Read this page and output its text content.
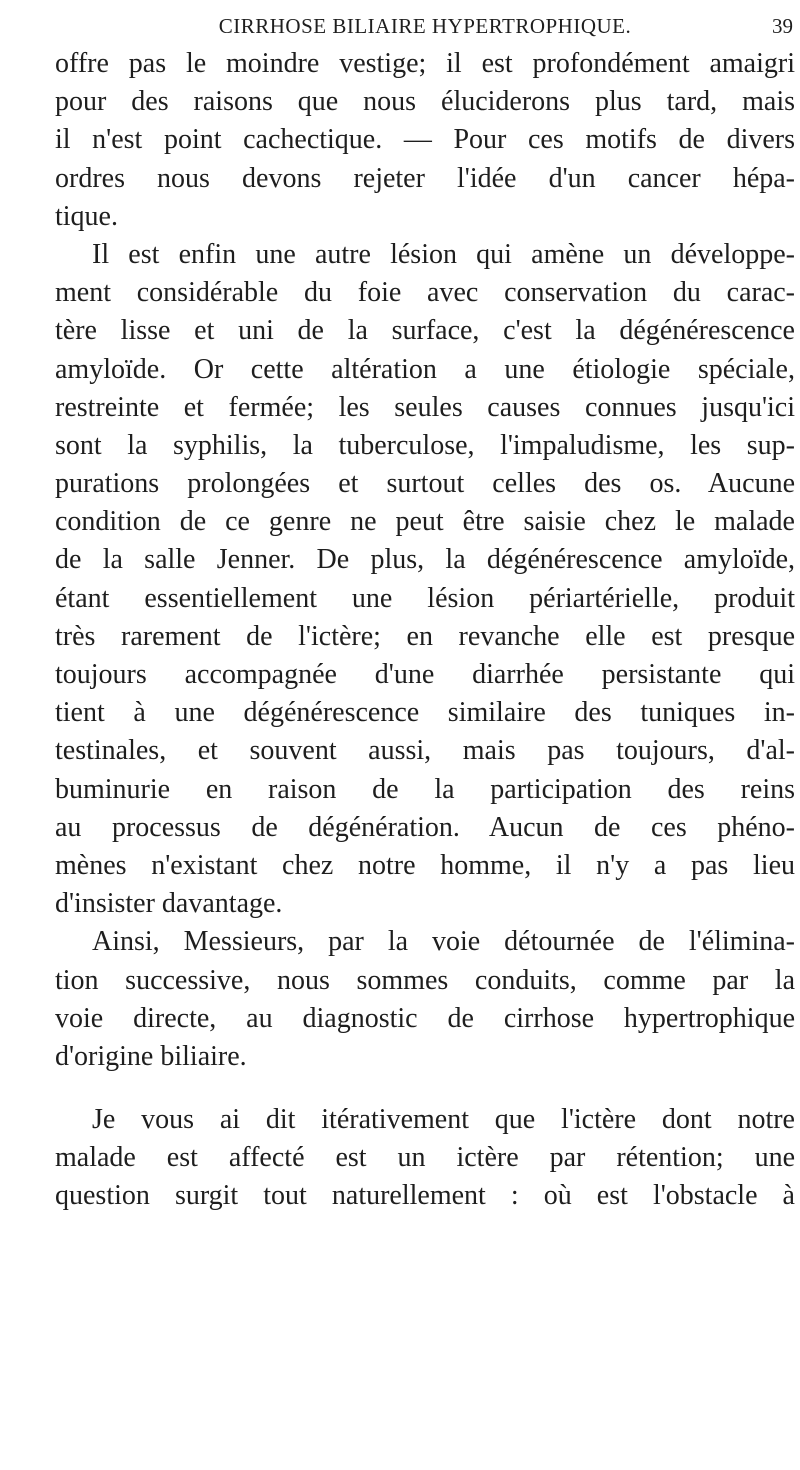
CIRRHOSE BILIAIRE HYPERTROPHIQUE.	39
offre pas le moindre vestige; il est profondément amaigri
pour des raisons que nous éluciderons plus tard, mais
il n'est point cachectique. — Pour ces motifs de divers
ordres nous devons rejeter l'idée d'un cancer hépa-
tique.
Il est enfin une autre lésion qui amène un développe-
ment considérable du foie avec conservation du carac-
tère lisse et uni de la surface, c'est la dégénérescence
amyloïde. Or cette altération a une étiologie spéciale,
restreinte et fermée; les seules causes connues jusqu'ici
sont la syphilis, la tuberculose, l'impaludisme, les sup-
purations prolongées et surtout celles des os. Aucune
condition de ce genre ne peut être saisie chez le malade
de la salle Jenner. De plus, la dégénérescence amyloïde,
étant essentiellement une lésion périartérielle, produit
très rarement de l'ictère; en revanche elle est presque
toujours accompagnée d'une diarrhée persistante qui
tient à une dégénérescence similaire des tuniques in-
testinales, et souvent aussi, mais pas toujours, d'al-
buminurie en raison de la participation des reins
au processus de dégénération. Aucun de ces phéno-
mènes n'existant chez notre homme, il n'y a pas lieu
d'insister davantage.
Ainsi, Messieurs, par la voie détournée de l'élimina-
tion successive, nous sommes conduits, comme par la
voie directe, au diagnostic de cirrhose hypertrophique
d'origine biliaire.
Je vous ai dit itérativement que l'ictère dont notre
malade est affecté est un ictère par rétention; une
question surgit tout naturellement : où est l'obstacle à
